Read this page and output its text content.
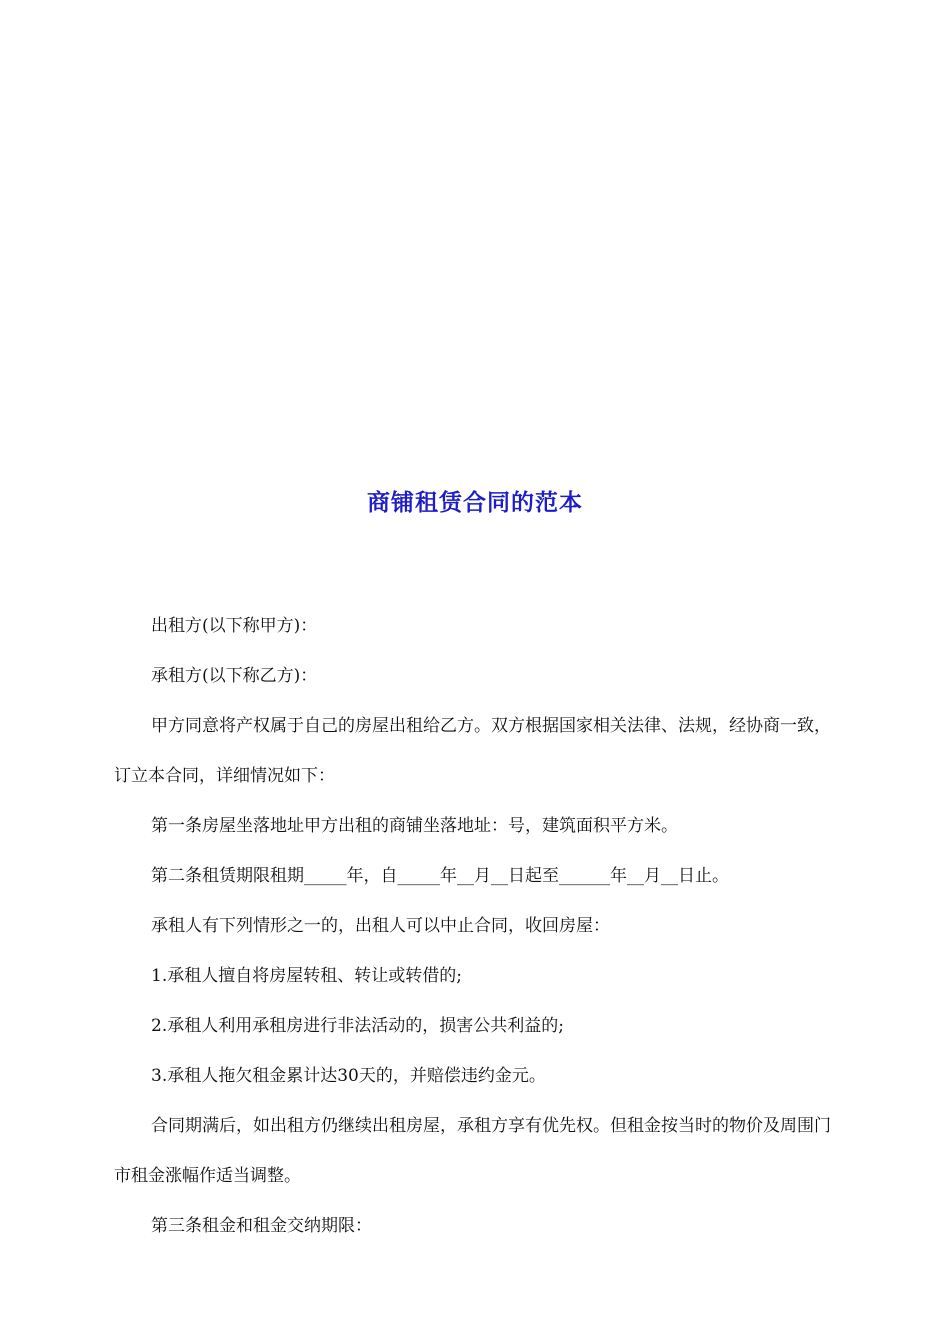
商铺租赁合同的范本

出租方(以下称甲方)：

承租方(以下称乙方)：

甲方同意将产权属于自己的房屋出租给乙方。双方根据国家相关法律、法规，经协商一致，订立本合同，详细情况如下：

第一条房屋坐落地址甲方出租的商铺坐落地址：号，建筑面积平方米。

第二条租赁期限租期_____年，自_____年__月__日起至______年__月__日止。

承租人有下列情形之一的，出租人可以中止合同，收回房屋：

1.承租人擅自将房屋转租、转让或转借的;

2.承租人利用承租房进行非法活动的，损害公共利益的;

3.承租人拖欠租金累计达30天的，并赔偿违约金元。

合同期满后，如出租方仍继续出租房屋，承租方享有优先权。但租金按当时的物价及周围门市租金涨幅作适当调整。

第三条租金和租金交纳期限：
